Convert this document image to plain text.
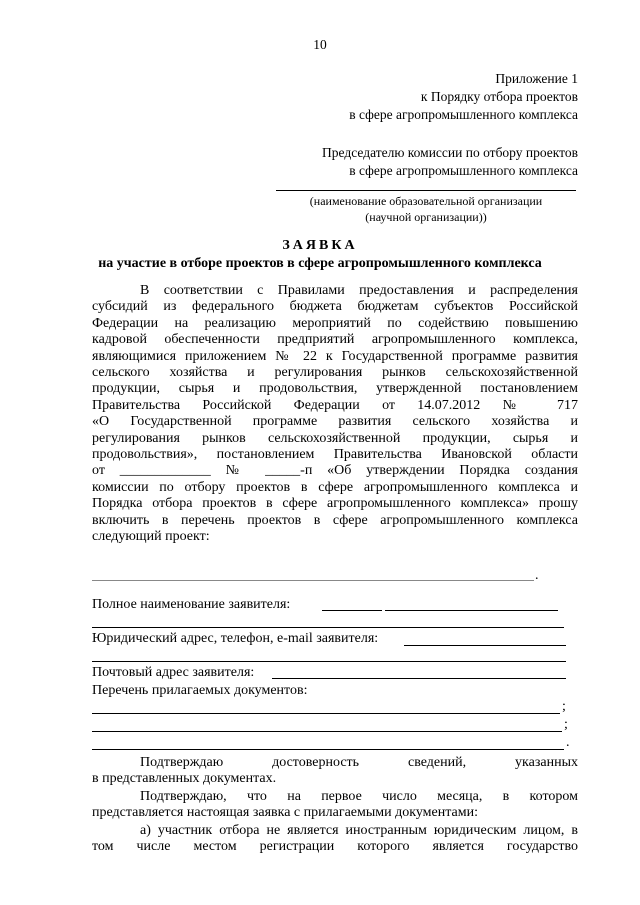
10
Приложение 1
к Порядку отбора проектов
в сфере агропромышленного комплекса
Председателю комиссии по отбору проектов
в сфере агропромышленного комплекса
(наименование образовательной организации
(научной организации))
ЗАЯВКА
на участие в отборе проектов в сфере агропромышленного комплекса
В соответствии с Правилами предоставления и распределения
субсидий из федерального бюджета бюджетам субъектов Российской
Федерации на реализацию мероприятий по содействию повышению
кадровой обеспеченности предприятий агропромышленного комплекса,
являющимися приложением № 22 к Государственной программе развития
сельского хозяйства и регулирования рынков сельскохозяйственной
продукции, сырья и продовольствия, утвержденной постановлением
Правительства Российской Федерации от 14.07.2012 № 717
«О Государственной программе развития сельского хозяйства и
регулирования рынков сельскохозяйственной продукции, сырья и
продовольствия», постановлением Правительства Ивановской области
от _____________ № _____-п «Об утверждении Порядка создания
комиссии по отбору проектов в сфере агропромышленного комплекса и
Порядка отбора проектов в сфере агропромышленного комплекса» прошу
включить в перечень проектов в сфере агропромышленного комплекса
следующий проект:
.
Полное наименование заявителя:
Юридический адрес, телефон, e-mail заявителя:
Почтовый адрес заявителя:
Перечень прилагаемых документов:
;
;
.
Подтверждаю достоверность сведений, указанных
в представленных документах.
Подтверждаю, что на первое число месяца, в котором
представляется настоящая заявка с прилагаемыми документами:
а) участник отбора не является иностранным юридическим лицом, в
том числе местом регистрации которого является государство
